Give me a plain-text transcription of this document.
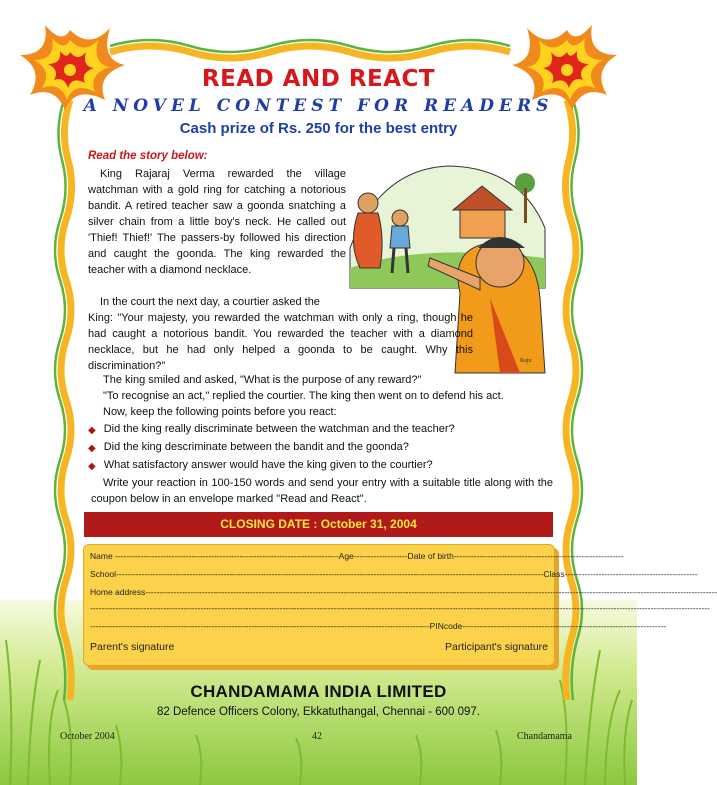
Raju
READ AND REACT
A NOVEL CONTEST FOR READERS
Cash prize of Rs. 250 for the best entry
Read the story below:
King Rajaraj Verma rewarded the village watchman with a gold ring for catching a notorious bandit. A retired teacher saw a goonda snatching a silver chain from a little boy's neck. He called out 'Thief! Thief!' The passers-by followed his direction and caught the goonda. The king rewarded the teacher with a diamond necklace.
In the court the next day, a courtier asked the
King: "Your majesty, you rewarded the watchman with only a ring, though he had caught a notorious bandit. You rewarded the teacher with a diamond necklace, but he had only helped a goonda to be caught. Why this discrimination?"
The king smiled and asked, "What is the purpose of any reward?"
"To recognise an act," replied the courtier. The king then went on to defend his act.
Now, keep the following points before you react:
◆ Did the king really discriminate between the watchman and the teacher?
◆ Did the king descriminate between the bandit and the goonda?
◆ What satisfactory answer would have the king given to the courtier?
Write your reaction in 100-150 words and send your entry with a suitable title along with the coupon below in an envelope marked "Read and React".
CLOSING DATE : October 31, 2004
Name -------------------------------------------------------------------------------Age-------------------Date of birth------------------------------------------------------------
School-------------------------------------------------------------------------------------------------------------------------------------------------------Class-----------------------------------------------
Home address----------------------------------------------------------------------------------------------------------------------------------------------------------------------------------------------------------
---------------------------------------------------------------------------------------------------------------------------------------------------------------------------------------------------------------------------
------------------------------------------------------------------------------------------------------------------------PINcode------------------------------------------------------------------------
Parent's signature	Participant's signature
CHANDAMAMA INDIA LIMITED
82 Defence Officers Colony, Ekkatuthangal, Chennai - 600 097.
October 2004	42	Chandamama
